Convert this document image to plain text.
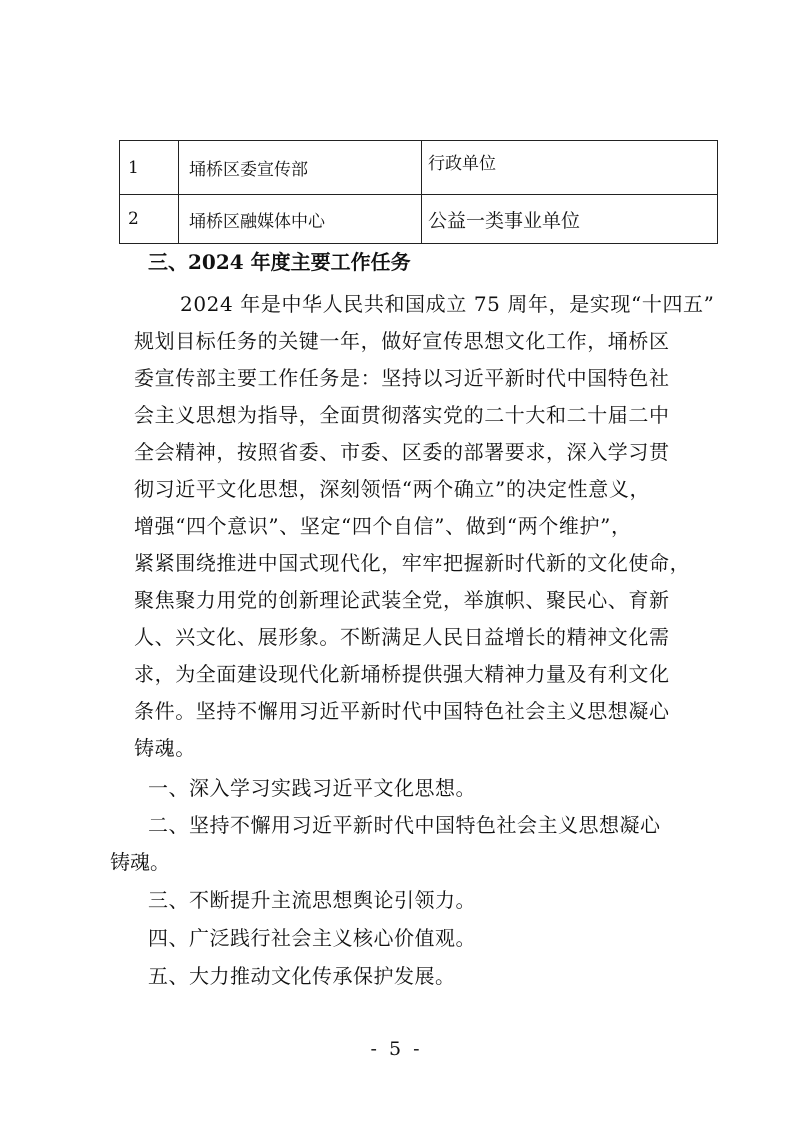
1	埇桥区委宣传部	行政单位
2	埇桥区融媒体中心	公益一类事业单位
三、2024 年度主要工作任务
2024 年是中华人民共和国成立 75 周年，是实现“十四五”
规划目标任务的关键一年，做好宣传思想文化工作，埇桥区
委宣传部主要工作任务是：坚持以习近平新时代中国特色社
会主义思想为指导，全面贯彻落实党的二十大和二十届二中
全会精神，按照省委、市委、区委的部署要求，深入学习贯
彻习近平文化思想，深刻领悟“两个确立”的决定性意义，
增强“四个意识”、坚定“四个自信”、做到“两个维护”，
紧紧围绕推进中国式现代化，牢牢把握新时代新的文化使命，
聚焦聚力用党的创新理论武装全党，举旗帜、聚民心、育新
人、兴文化、展形象。不断满足人民日益增长的精神文化需
求，为全面建设现代化新埇桥提供强大精神力量及有利文化
条件。坚持不懈用习近平新时代中国特色社会主义思想凝心
铸魂。
一、深入学习实践习近平文化思想。
二、坚持不懈用习近平新时代中国特色社会主义思想凝心
铸魂。
三、不断提升主流思想舆论引领力。
四、广泛践行社会主义核心价值观。
五、大力推动文化传承保护发展。
- 5 -
